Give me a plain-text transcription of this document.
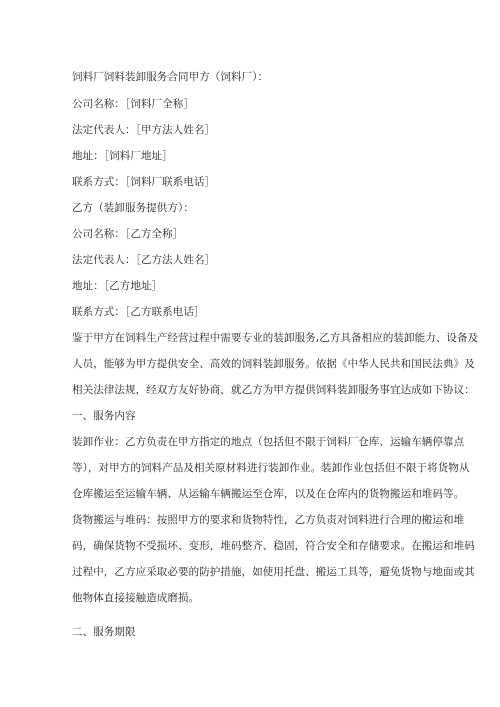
饲料厂饲料装卸服务合同甲方（饲料厂）：
公司名称：［饲料厂全称］
法定代表人：［甲方法人姓名］
地址：［饲料厂地址］
联系方式：［饲料厂联系电话］
乙方（装卸服务提供方）：
公司名称：［乙方全称］
法定代表人：［乙方法人姓名］
地址：［乙方地址］
联系方式：［乙方联系电话］
鉴于甲方在饲料生产经营过程中需要专业的装卸服务,乙方具备相应的装卸能力、设备及
人员，能够为甲方提供安全、高效的饲料装卸服务。依据《中华人民共和国民法典》及
相关法律法规，经双方友好协商，就乙方为甲方提供饲料装卸服务事宜达成如下协议：
一、服务内容
装卸作业：乙方负责在甲方指定的地点（包括但不限于饲料厂仓库、运输车辆停靠点
等），对甲方的饲料产品及相关原材料进行装卸作业。装卸作业包括但不限于将货物从
仓库搬运至运输车辆、从运输车辆搬运至仓库，以及在仓库内的货物搬运和堆码等。
货物搬运与堆码：按照甲方的要求和货物特性，乙方负责对饲料进行合理的搬运和堆
码，确保货物不受损坏、变形，堆码整齐、稳固，符合安全和存储要求。在搬运和堆码
过程中，乙方应采取必要的防护措施，如使用托盘、搬运工具等，避免货物与地面或其
他物体直接接触造成磨损。
二、服务期限
